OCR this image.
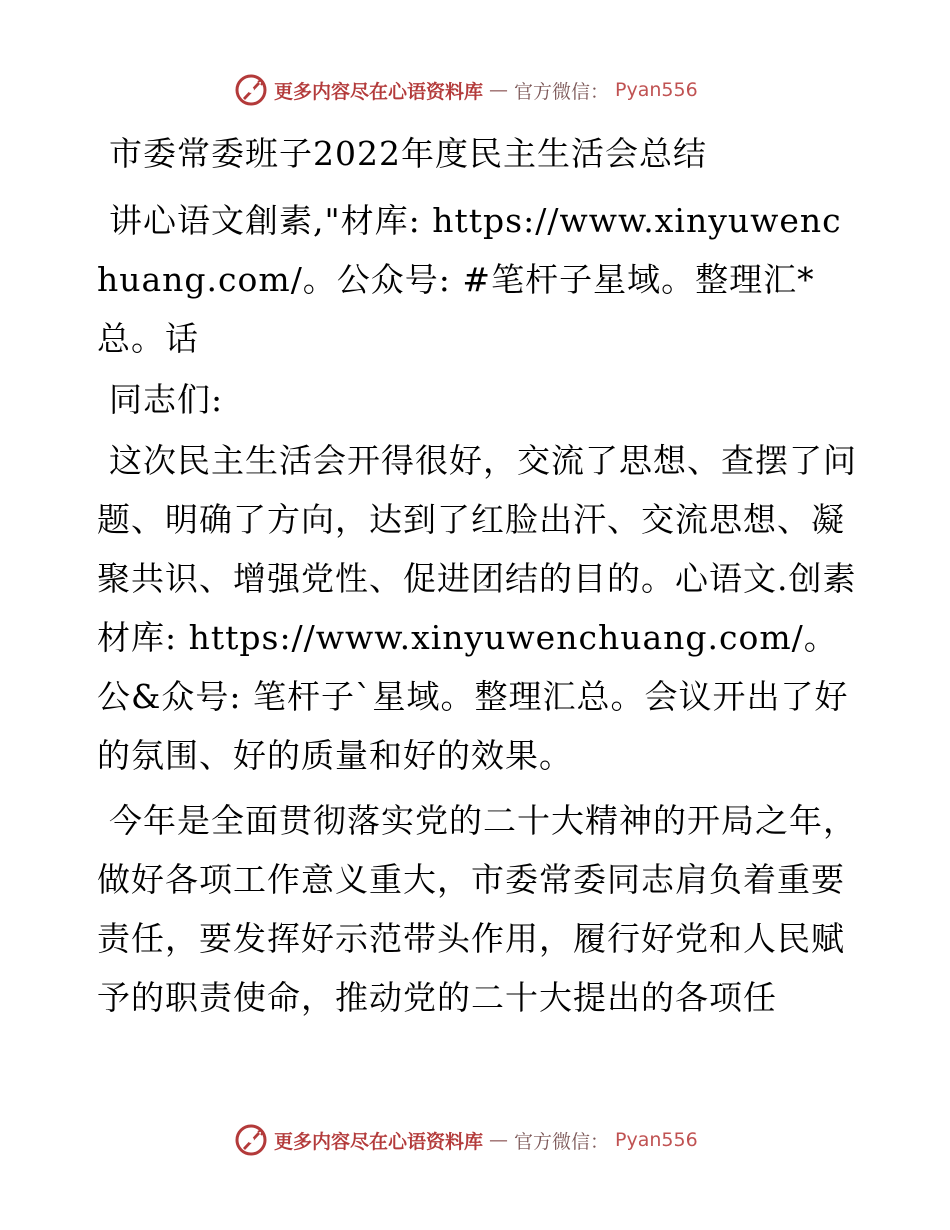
更多内容尽在心语资料库 — 官方微信： Pyan556

市委常委班子2022年度民主生活会总结

讲心语文創素,"材库: https://www.xinyuwenchuang.com/。公众号: #笔杆子星域。整理汇*总。话

同志们:

这次民主生活会开得很好，交流了思想、查摆了问题、明确了方向，达到了红脸出汗、交流思想、凝聚共识、增强党性、促进团结的目的。心语文.创素材库: https://www.xinyuwenchuang.com/。公&众号: 笔杆子`星域。整理汇总。会议开出了好的氛围、好的质量和好的效果。

今年是全面贯彻落实党的二十大精神的开局之年，做好各项工作意义重大，市委常委同志肩负着重要责任，要发挥好示范带头作用，履行好党和人民赋予的职责使命，推动党的二十大提出的各项任

更多内容尽在心语资料库 — 官方微信： Pyan556
